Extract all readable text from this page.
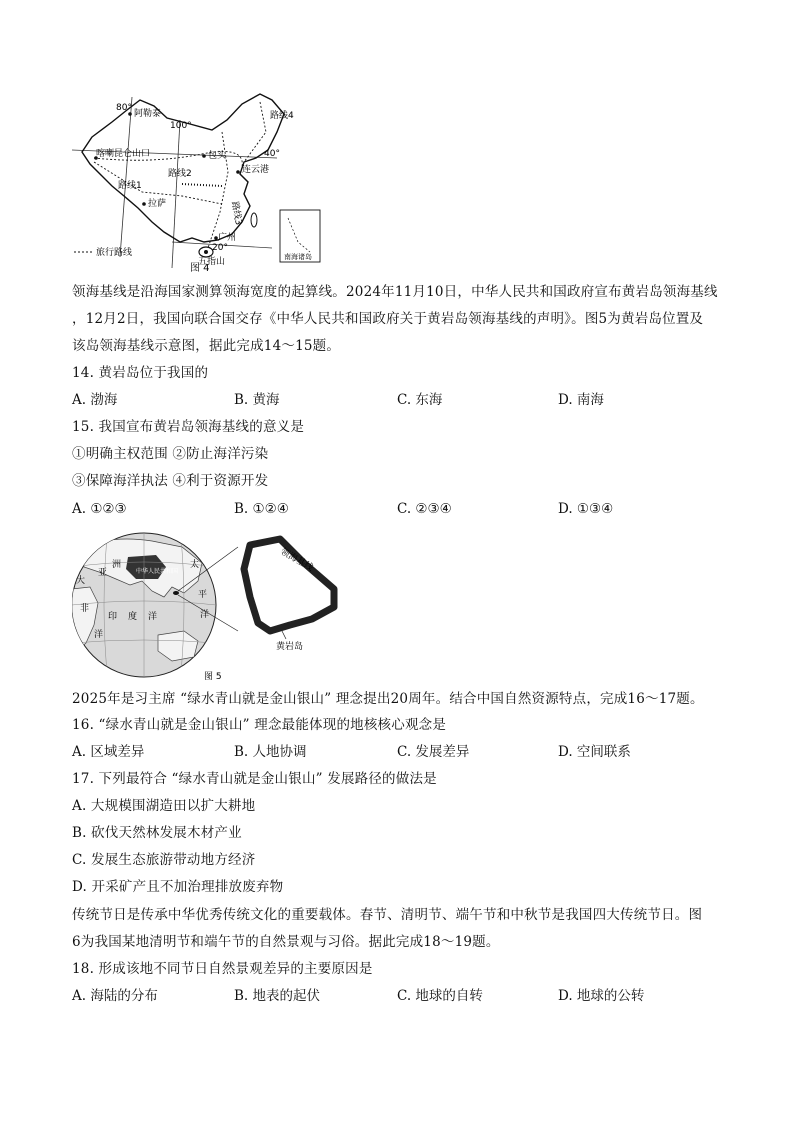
80°
100°
40°
20°
阿勒泰
喀喇昆仑山口	包头
连云港
拉萨
广州
五指山
路线1
路线2
路线3
路线4
旅行路线	南海诸岛
图 4
领海基线是沿海国家测算领海宽度的起算线。2024年11月10日，中华人民共和国政府宣布黄岩岛领海基线
，12月2日，我国向联合国交存《中华人民共和国政府关于黄岩岛领海基线的声明》。图5为黄岩岛位置及
该岛领海基线示意图，据此完成14～15题。
14. 黄岩岛位于我国的
A. 渤海	B. 黄海	C. 东海	D. 南海
15. 我国宣布黄岩岛领海基线的意义是
①明确主权范围 ②防止海洋污染
③保障海洋执法 ④利于资源开发
A. ①②③	B. ①②④	C. ②③④	D. ①③④
中华人民共和国
亚
洲	太
平
洋
印 度 洋
非
大
洋
领海基线
黄岩岛
图 5
2025年是习主席 “绿水青山就是金山银山” 理念提出20周年。结合中国自然资源特点，完成16～17题。
16. “绿水青山就是金山银山” 理念最能体现的地核核心观念是
A. 区域差异	B. 人地协调	C. 发展差异	D. 空间联系
17. 下列最符合 “绿水青山就是金山银山” 发展路径的做法是
A. 大规模围湖造田以扩大耕地
B. 砍伐天然林发展木材产业
C. 发展生态旅游带动地方经济
D. 开采矿产且不加治理排放废弃物
传统节日是传承中华优秀传统文化的重要载体。春节、清明节、端午节和中秋节是我国四大传统节日。图
6为我国某地清明节和端午节的自然景观与习俗。据此完成18～19题。
18. 形成该地不同节日自然景观差异的主要原因是
A. 海陆的分布	B. 地表的起伏	C. 地球的自转	D. 地球的公转
